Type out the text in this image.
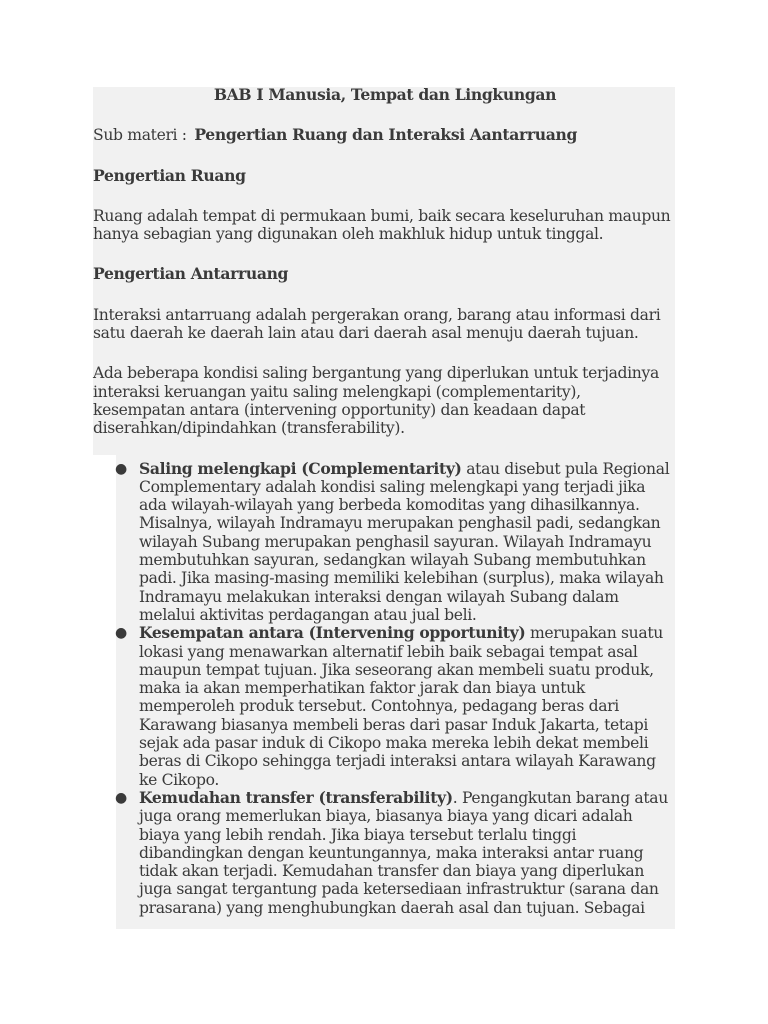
BAB I Manusia, Tempat dan Lingkungan
Sub materi : Pengertian Ruang dan Interaksi Aantarruang
Pengertian Ruang
Ruang adalah tempat di permukaan bumi, baik secara keseluruhan maupun hanya sebagian yang digunakan oleh makhluk hidup untuk tinggal.
Pengertian Antarruang
Interaksi antarruang adalah pergerakan orang, barang atau informasi dari satu daerah ke daerah lain atau dari daerah asal menuju daerah tujuan.
Ada beberapa kondisi saling bergantung yang diperlukan untuk terjadinya interaksi keruangan yaitu saling melengkapi (complementarity), kesempatan antara (intervening opportunity) dan keadaan dapat diserahkan/dipindahkan (transferability).
● Saling melengkapi (Complementarity) atau disebut pula Regional Complementary adalah kondisi saling melengkapi yang terjadi jika ada wilayah-wilayah yang berbeda komoditas yang dihasilkannya. Misalnya, wilayah Indramayu merupakan penghasil padi, sedangkan wilayah Subang merupakan penghasil sayuran. Wilayah Indramayu membutuhkan sayuran, sedangkan wilayah Subang membutuhkan padi. Jika masing-masing memiliki kelebihan (surplus), maka wilayah Indramayu melakukan interaksi dengan wilayah Subang dalam melalui aktivitas perdagangan atau jual beli.
● Kesempatan antara (Intervening opportunity) merupakan suatu lokasi yang menawarkan alternatif lebih baik sebagai tempat asal maupun tempat tujuan. Jika seseorang akan membeli suatu produk, maka ia akan memperhatikan faktor jarak dan biaya untuk memperoleh produk tersebut. Contohnya, pedagang beras dari Karawang biasanya membeli beras dari pasar Induk Jakarta, tetapi sejak ada pasar induk di Cikopo maka mereka lebih dekat membeli beras di Cikopo sehingga terjadi interaksi antara wilayah Karawang ke Cikopo.
● Kemudahan transfer (transferability). Pengangkutan barang atau juga orang memerlukan biaya, biasanya biaya yang dicari adalah biaya yang lebih rendah. Jika biaya tersebut terlalu tinggi dibandingkan dengan keuntungannya, maka interaksi antar ruang tidak akan terjadi. Kemudahan transfer dan biaya yang diperlukan juga sangat tergantung pada ketersediaan infrastruktur (sarana dan prasarana) yang menghubungkan daerah asal dan tujuan. Sebagai
